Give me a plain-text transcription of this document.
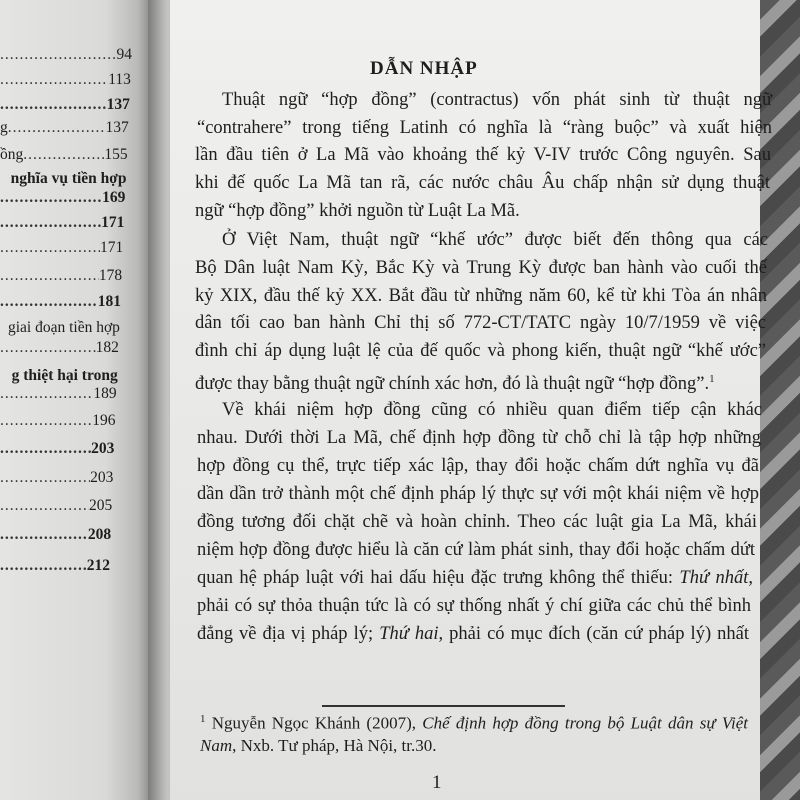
.....
94
.....
113
.....
137
g .....	137
ồng .....	155
nghĩa vụ tiền hợp
.....
169
.....
171
.....
171
.....
178
.....
181
giai đoạn tiền hợp
.....
182
g thiệt hại trong
.....
189
.....
196
.....
203
.....
203
.....
205
.....
208
.....
212
DẪN NHẬP
Thuật ngữ “hợp đồng” (contractus) vốn phát sinh từ thuật ngữ
“contrahere” trong tiếng Latinh có nghĩa là “ràng buộc” và xuất hiện
lần đầu tiên ở La Mã vào khoảng thế kỷ V-IV trước Công nguyên. Sau
khi đế quốc La Mã tan rã, các nước châu Âu chấp nhận sử dụng thuật
ngữ “hợp đồng” khởi nguồn từ Luật La Mã.
Ở Việt Nam, thuật ngữ “khế ước” được biết đến thông qua các
Bộ Dân luật Nam Kỳ, Bắc Kỳ và Trung Kỳ được ban hành vào cuối thế
kỷ XIX, đầu thế kỷ XX. Bắt đầu từ những năm 60, kể từ khi Tòa án nhân
dân tối cao ban hành Chỉ thị số 772-CT/TATC ngày 10/7/1959 về việc
đình chỉ áp dụng luật lệ của đế quốc và phong kiến, thuật ngữ “khế ước”
được thay bằng thuật ngữ chính xác hơn, đó là thuật ngữ “hợp đồng”.$^1$
Về khái niệm hợp đồng cũng có nhiều quan điểm tiếp cận khác
nhau. Dưới thời La Mã, chế định hợp đồng từ chỗ chỉ là tập hợp những
hợp đồng cụ thể, trực tiếp xác lập, thay đổi hoặc chấm dứt nghĩa vụ đã
dần dần trở thành một chế định pháp lý thực sự với một khái niệm về hợp
đồng tương đối chặt chẽ và hoàn chỉnh. Theo các luật gia La Mã, khái
niệm hợp đồng được hiểu là căn cứ làm phát sinh, thay đổi hoặc chấm dứt
quan hệ pháp luật với hai dấu hiệu đặc trưng không thể thiếu: Thứ nhất,
phải có sự thỏa thuận tức là có sự thống nhất ý chí giữa các chủ thể bình
đẳng về địa vị pháp lý; Thứ hai, phải có mục đích (căn cứ pháp lý) nhất
$^1$ Nguyễn Ngọc Khánh (2007), Chế định hợp đồng trong bộ Luật dân sự Việt
Nam, Nxb. Tư pháp, Hà Nội, tr.30.
1
